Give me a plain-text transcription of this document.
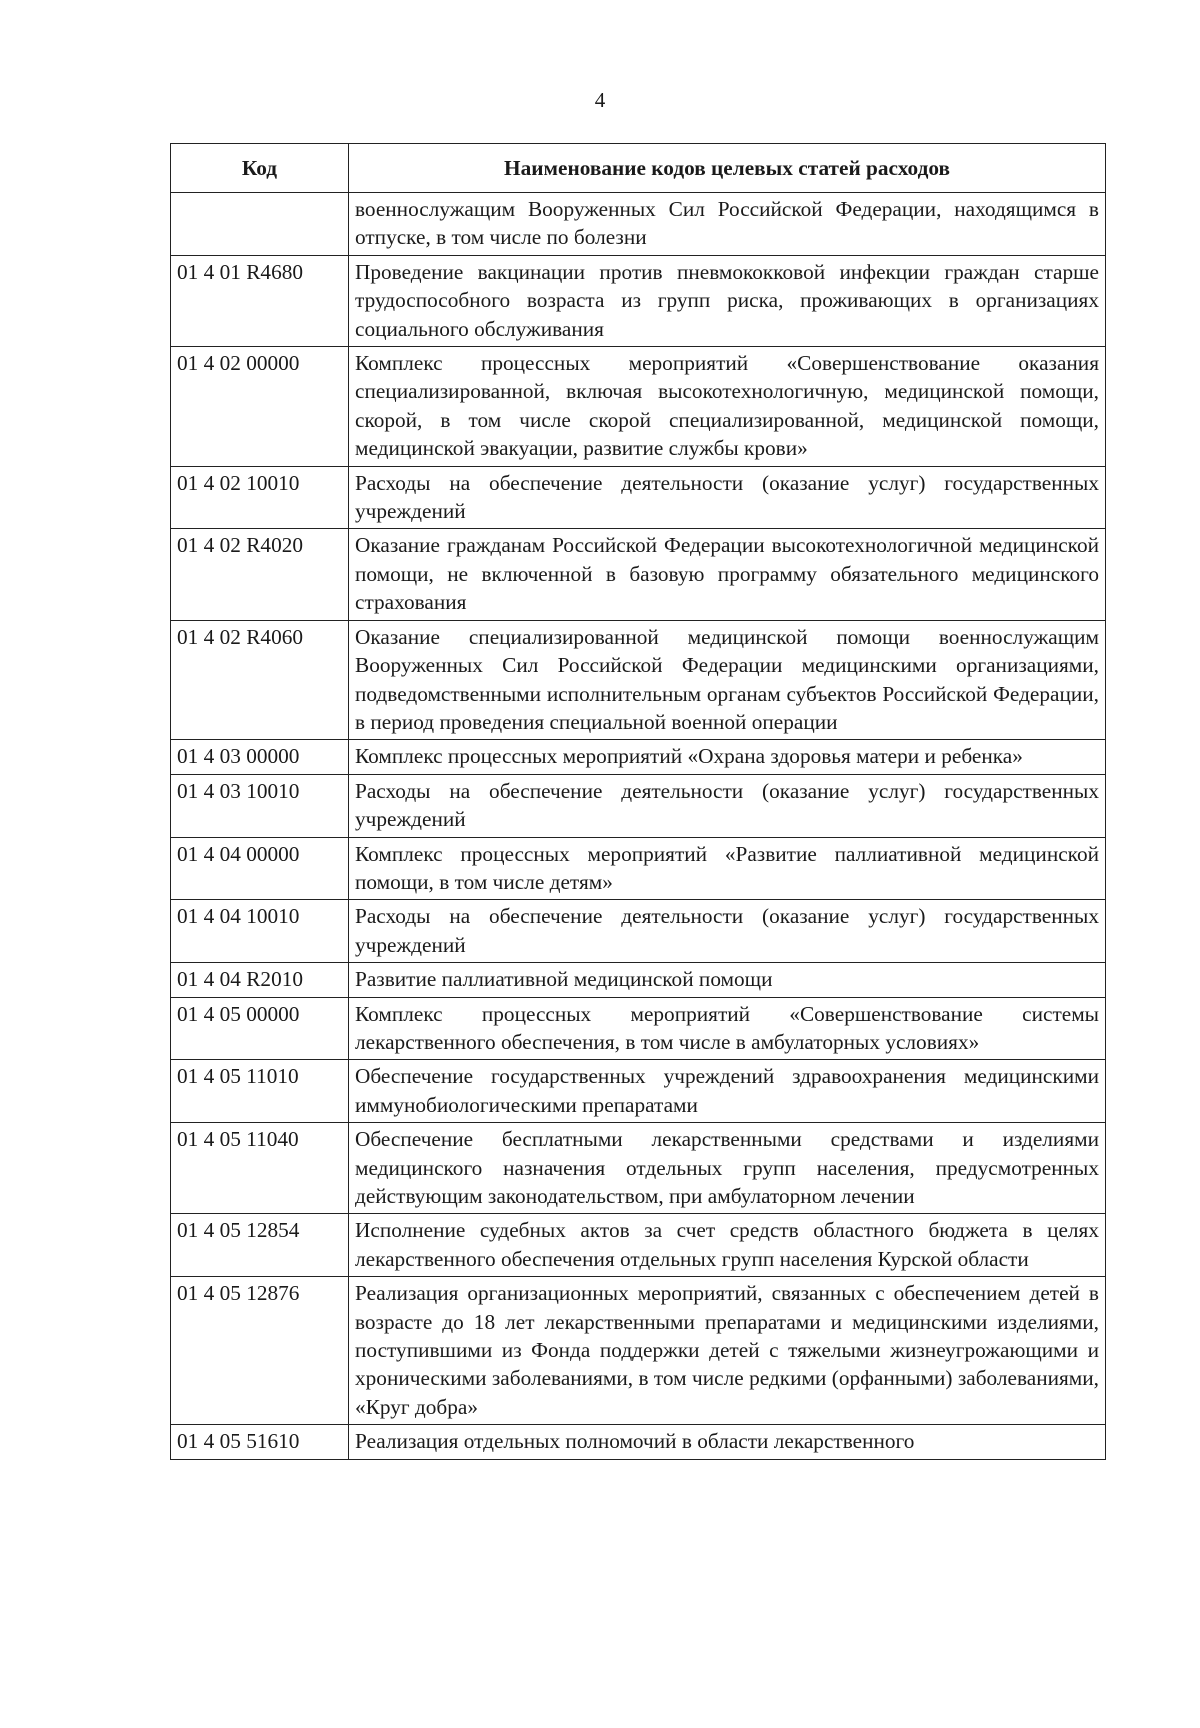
4
Код	Наименование кодов целевых статей расходов
	военнослужащим Вооруженных Сил Российской Федерации, находящимся в отпуске, в том числе по болезни
01 4 01 R4680	Проведение вакцинации против пневмококковой инфекции граждан старше трудоспособного возраста из групп риска, проживающих в организациях социального обслуживания
01 4 02 00000	Комплекс процессных мероприятий «Совершенствование оказания специализированной, включая высокотехнологичную, медицинской помощи, скорой, в том числе скорой специализированной, медицинской помощи, медицинской эвакуации, развитие службы крови»
01 4 02 10010	Расходы на обеспечение деятельности (оказание услуг) государственных учреждений
01 4 02 R4020	Оказание гражданам Российской Федерации высокотехнологичной медицинской помощи, не включенной в базовую программу обязательного медицинского страхования
01 4 02 R4060	Оказание специализированной медицинской помощи военнослужащим Вооруженных Сил Российской Федерации медицинскими организациями, подведомственными исполнительным органам субъектов Российской Федерации, в период проведения специальной военной операции
01 4 03 00000	Комплекс процессных мероприятий «Охрана здоровья матери и ребенка»
01 4 03 10010	Расходы на обеспечение деятельности (оказание услуг) государственных учреждений
01 4 04 00000	Комплекс процессных мероприятий «Развитие паллиативной медицинской помощи, в том числе детям»
01 4 04 10010	Расходы на обеспечение деятельности (оказание услуг) государственных учреждений
01 4 04 R2010	Развитие паллиативной медицинской помощи
01 4 05 00000	Комплекс процессных мероприятий «Совершенствование системы лекарственного обеспечения, в том числе в амбулаторных условиях»
01 4 05 11010	Обеспечение государственных учреждений здравоохранения медицинскими иммунобиологическими препаратами
01 4 05 11040	Обеспечение бесплатными лекарственными средствами и изделиями медицинского назначения отдельных групп населения, предусмотренных действующим законодательством, при амбулаторном лечении
01 4 05 12854	Исполнение судебных актов за счет средств областного бюджета в целях лекарственного обеспечения отдельных групп населения Курской области
01 4 05 12876	Реализация организационных мероприятий, связанных с обеспечением детей в возрасте до 18 лет лекарственными препаратами и медицинскими изделиями, поступившими из Фонда поддержки детей с тяжелыми жизнеугрожающими и хроническими заболеваниями, в том числе редкими (орфанными) заболеваниями, «Круг добра»
01 4 05 51610	Реализация отдельных полномочий в области лекарственного
